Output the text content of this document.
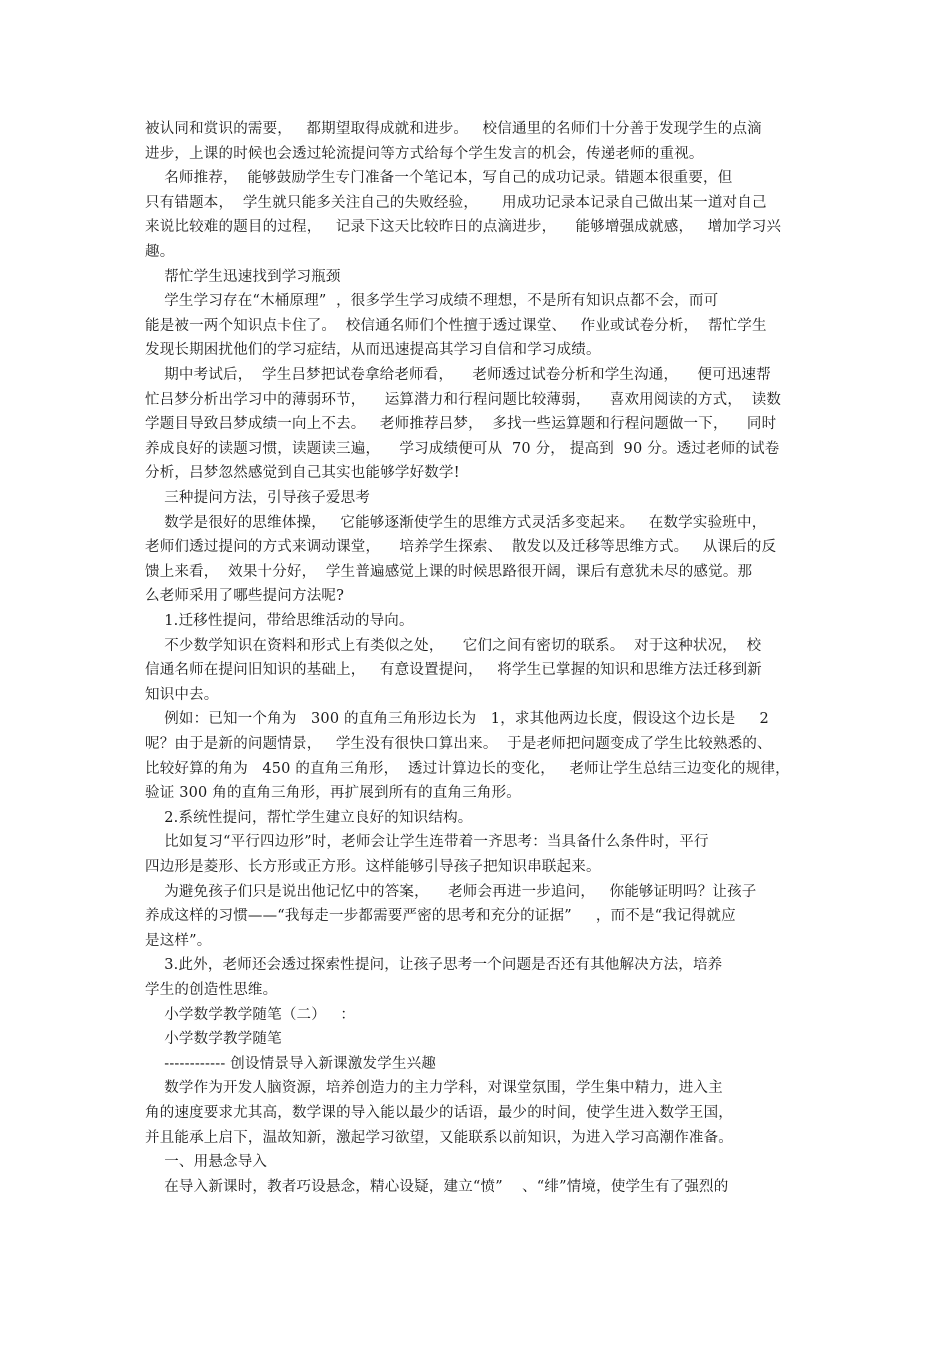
被认同和赏识的需要，   都期望取得成就和进步。   校信通里的名师们十分善于发现学生的点滴
进步，上课的时候也会透过轮流提问等方式给每个学生发言的机会，传递老师的重视。
名师推荐，  能够鼓励学生专门准备一个笔记本，写自己的成功记录。错题本很重要，但
只有错题本，  学生就只能多关注自己的失败经验，     用成功记录本记录自己做出某一道对自己
来说比较难的题目的过程，   记录下这天比较昨日的点滴进步，    能够增强成就感，   增加学习兴
趣。
帮忙学生迅速找到学习瓶颈
学生学习存在“木桶原理”  ，很多学生学习成绩不理想，不是所有知识点都不会，而可
能是被一两个知识点卡住了。  校信通名师们个性擅于透过课堂、   作业或试卷分析，  帮忙学生
发现长期困扰他们的学习症结，从而迅速提高其学习自信和学习成绩。
期中考试后，  学生吕梦把试卷拿给老师看，    老师透过试卷分析和学生沟通，    便可迅速帮
忙吕梦分析出学习中的薄弱环节，    运算潜力和行程问题比较薄弱，    喜欢用阅读的方式，  读数
学题目导致吕梦成绩一向上不去。   老师推荐吕梦，  多找一些运算题和行程问题做一下，    同时
养成良好的读题习惯，读题读三遍，    学习成绩便可从  70 分， 提高到  90 分。透过老师的试卷
分析，吕梦忽然感觉到自己其实也能够学好数学!
三种提问方法，引导孩子爱思考
数学是很好的思维体操，   它能够逐渐使学生的思维方式灵活多变起来。   在数学实验班中，
老师们透过提问的方式来调动课堂，    培养学生探索、  散发以及迁移等思维方式。   从课后的反
馈上来看，  效果十分好，  学生普遍感觉上课的时候思路很开阔，课后有意犹未尽的感觉。那
么老师采用了哪些提问方法呢?
1.迁移性提问，带给思维活动的导向。
不少数学知识在资料和形式上有类似之处，    它们之间有密切的联系。  对于这种状况，  校
信通名师在提问旧知识的基础上，   有意设置提问，   将学生已掌握的知识和思维方法迁移到新
知识中去。
例如：已知一个角为   300 的直角三角形边长为   1，求其他两边长度，假设这个边长是     2
呢？由于是新的问题情景，   学生没有很快口算出来。  于是老师把问题变成了学生比较熟悉的、
比较好算的角为   450 的直角三角形，  透过计算边长的变化，   老师让学生总结三边变化的规律，
验证 300 角的直角三角形，再扩展到所有的直角三角形。
2.系统性提问，帮忙学生建立良好的知识结构。
比如复习“平行四边形”时，老师会让学生连带着一齐思考：当具备什么条件时，平行
四边形是菱形、长方形或正方形。这样能够引导孩子把知识串联起来。
为避免孩子们只是说出他记忆中的答案，    老师会再进一步追问，   你能够证明吗？让孩子
养成这样的习惯——“我每走一步都需要严密的思考和充分的证据”     ，而不是“我记得就应
是这样”。
3.此外，老师还会透过探索性提问，让孩子思考一个问题是否还有其他解决方法，培养
学生的创造性思维。
小学数学教学随笔（二）   ：
小学数学教学随笔
------------ 创设情景导入新课激发学生兴趣
数学作为开发人脑资源，培养创造力的主力学科，对课堂氛围，学生集中精力，进入主
角的速度要求尤其高，数学课的导入能以最少的话语，最少的时间，使学生进入数学王国，
并且能承上启下，温故知新，激起学习欲望，又能联系以前知识，为进入学习高潮作准备。
一、用悬念导入
在导入新课时，教者巧设悬念，精心设疑，建立“愤”    、“绯”情境，使学生有了强烈的
